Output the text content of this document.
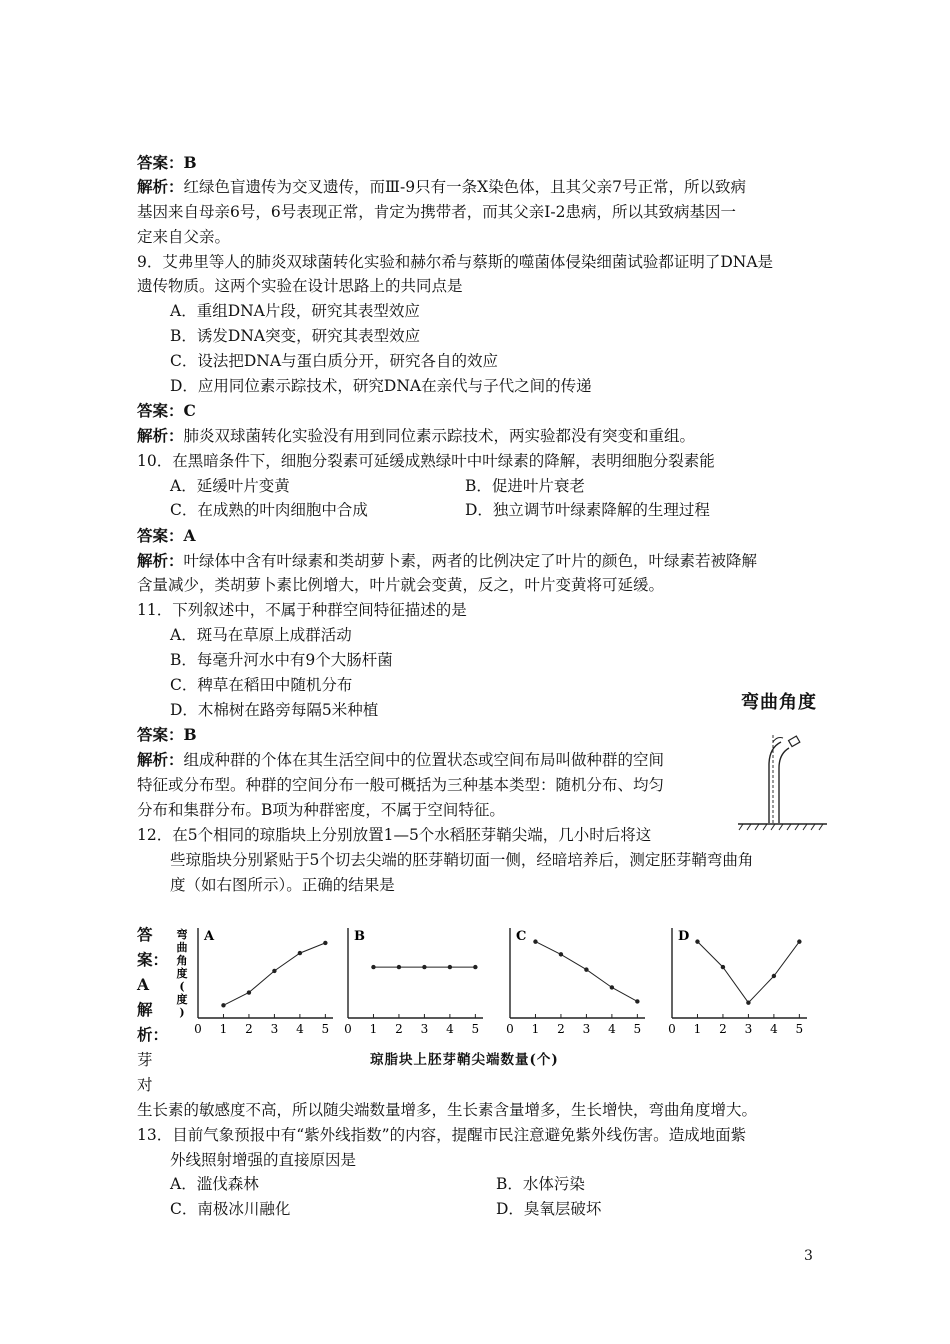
答案：B
解析：红绿色盲遗传为交叉遗传，而Ⅲ-9只有一条X染色体，且其父亲7号正常，所以致病
基因来自母亲6号，6号表现正常，肯定为携带者，而其父亲Ⅰ-2患病，所以其致病基因一
定来自父亲。
9．艾弗里等人的肺炎双球菌转化实验和赫尔希与蔡斯的噬菌体侵染细菌试验都证明了DNA是
遗传物质。这两个实验在设计思路上的共同点是
A．重组DNA片段，研究其表型效应
B．诱发DNA突变，研究其表型效应
C．设法把DNA与蛋白质分开，研究各自的效应
D．应用同位素示踪技术，研究DNA在亲代与子代之间的传递
答案：C
解析：肺炎双球菌转化实验没有用到同位素示踪技术，两实验都没有突变和重组。
10．在黑暗条件下，细胞分裂素可延缓成熟绿叶中叶绿素的降解，表明细胞分裂素能
A．延缓叶片变黄	B．促进叶片衰老
C．在成熟的叶肉细胞中合成	D．独立调节叶绿素降解的生理过程
答案：A
解析：叶绿体中含有叶绿素和类胡萝卜素，两者的比例决定了叶片的颜色，叶绿素若被降解
含量减少，类胡萝卜素比例增大，叶片就会变黄，反之，叶片变黄将可延缓。
11．下列叙述中，不属于种群空间特征描述的是
A．斑马在草原上成群活动
B．每毫升河水中有9个大肠杆菌
C．稗草在稻田中随机分布
D．木棉树在路旁每隔5米种植
答案：B
解析：组成种群的个体在其生活空间中的位置状态或空间布局叫做种群的空间
特征或分布型。种群的空间分布一般可概括为三种基本类型：随机分布、均匀
分布和集群分布。B项为种群密度，不属于空间特征。
弯曲角度
12．在5个相同的琼脂块上分别放置1—5个水稻胚芽鞘尖端，几小时后将这
些琼脂块分别紧贴于5个切去尖端的胚芽鞘切面一侧，经暗培养后，测定胚芽鞘弯曲角
度（如右图所示）。正确的结果是
答
案：
A
解
析：
芽
对
弯
曲
角
度
(
度
)
A
0 1 2 3 4 5
B
0 1 2 3 4 5
C
0 1 2 3 4 5
D
0 1 2 3 4 5
琼脂块上胚芽鞘尖端数量(个)
生长素的敏感度不高，所以随尖端数量增多，生长素含量增多，生长增快，弯曲角度增大。
13．目前气象预报中有“紫外线指数”的内容，提醒市民注意避免紫外线伤害。造成地面紫
外线照射增强的直接原因是
A．滥伐森林	B．水体污染
C．南极冰川融化	D．臭氧层破坏
3
